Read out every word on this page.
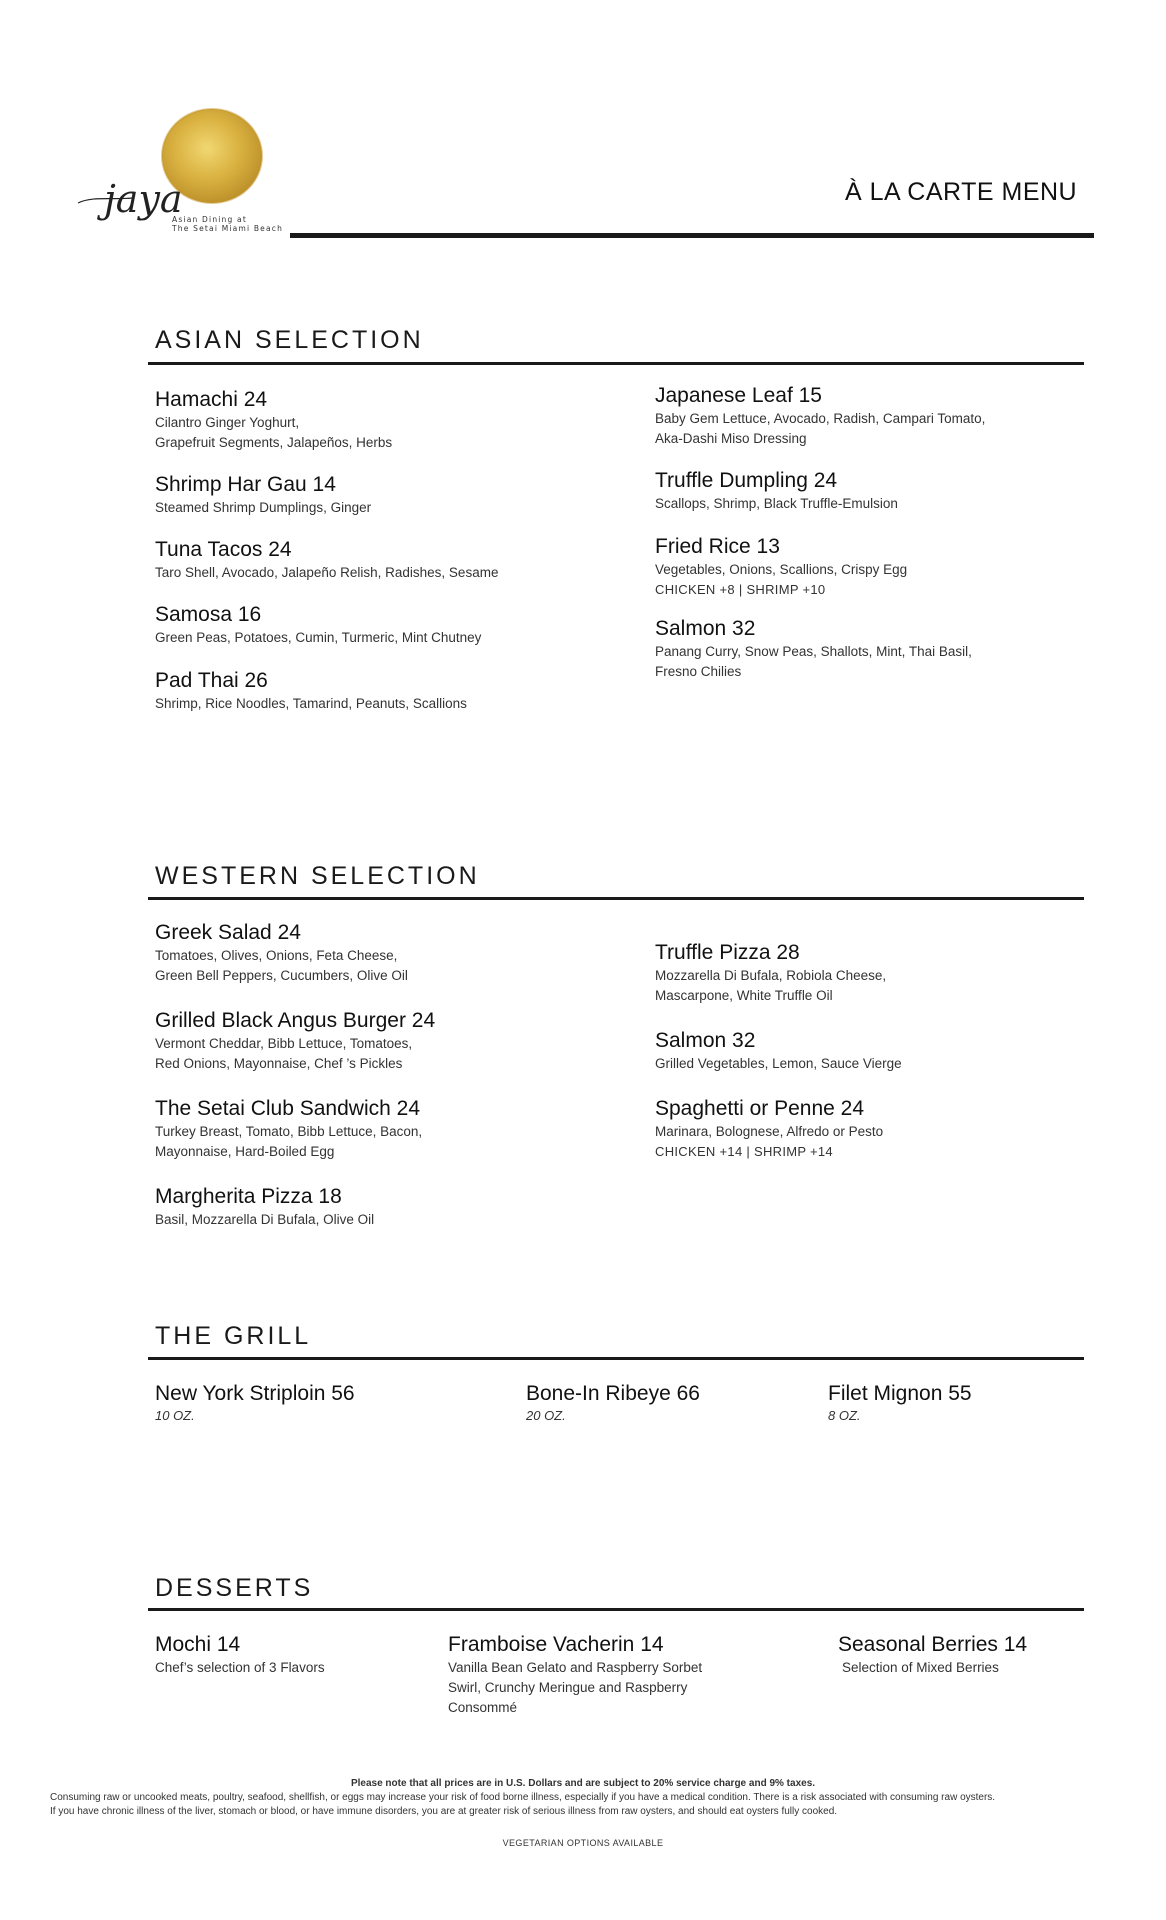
jaya
Asian Dining at
The Setai Miami Beach
À LA CARTE MENU
ASIAN SELECTION
Hamachi 24
Cilantro Ginger Yoghurt,
Grapefruit Segments, Jalapeños, Herbs
Shrimp Har Gau 14
Steamed Shrimp Dumplings, Ginger
Tuna Tacos 24
Taro Shell, Avocado, Jalapeño Relish, Radishes, Sesame
Samosa 16
Green Peas, Potatoes, Cumin, Turmeric, Mint Chutney
Pad Thai 26
Shrimp, Rice Noodles, Tamarind, Peanuts, Scallions
Japanese Leaf 15
Baby Gem Lettuce, Avocado, Radish, Campari Tomato,
Aka-Dashi Miso Dressing
Truffle Dumpling 24
Scallops, Shrimp, Black Truffle-Emulsion
Fried Rice 13
Vegetables, Onions, Scallions, Crispy Egg
CHICKEN +8 | SHRIMP +10
Salmon 32
Panang Curry, Snow Peas, Shallots, Mint, Thai Basil,
Fresno Chilies
WESTERN SELECTION
Greek Salad 24
Tomatoes, Olives, Onions, Feta Cheese,
Green Bell Peppers, Cucumbers, Olive Oil
Grilled Black Angus Burger 24
Vermont Cheddar, Bibb Lettuce, Tomatoes,
Red Onions, Mayonnaise, Chef ’s Pickles
The Setai Club Sandwich 24
Turkey Breast, Tomato, Bibb Lettuce, Bacon,
Mayonnaise, Hard-Boiled Egg
Margherita Pizza 18
Basil, Mozzarella Di Bufala, Olive Oil
Truffle Pizza 28
Mozzarella Di Bufala, Robiola Cheese,
Mascarpone, White Truffle Oil
Salmon 32
Grilled Vegetables, Lemon, Sauce Vierge
Spaghetti or Penne 24
Marinara, Bolognese, Alfredo or Pesto
CHICKEN +14 | SHRIMP +14
THE GRILL
New York Striploin 56
10 OZ.
Bone-In Ribeye 66
20 OZ.
Filet Mignon 55
8 OZ.
DESSERTS
Mochi 14
Chef’s selection of 3 Flavors
Framboise Vacherin 14
Vanilla Bean Gelato and Raspberry Sorbet
Swirl, Crunchy Meringue and Raspberry
Consommé
Seasonal Berries 14
Selection of Mixed Berries
Please note that all prices are in U.S. Dollars and are subject to 20% service charge and 9% taxes.
Consuming raw or uncooked meats, poultry, seafood, shellfish, or eggs may increase your risk of food borne illness, especially if you have a medical condition. There is a risk associated with consuming raw oysters.
If you have chronic illness of the liver, stomach or blood, or have immune disorders, you are at greater risk of serious illness from raw oysters, and should eat oysters fully cooked.
VEGETARIAN OPTIONS AVAILABLE
